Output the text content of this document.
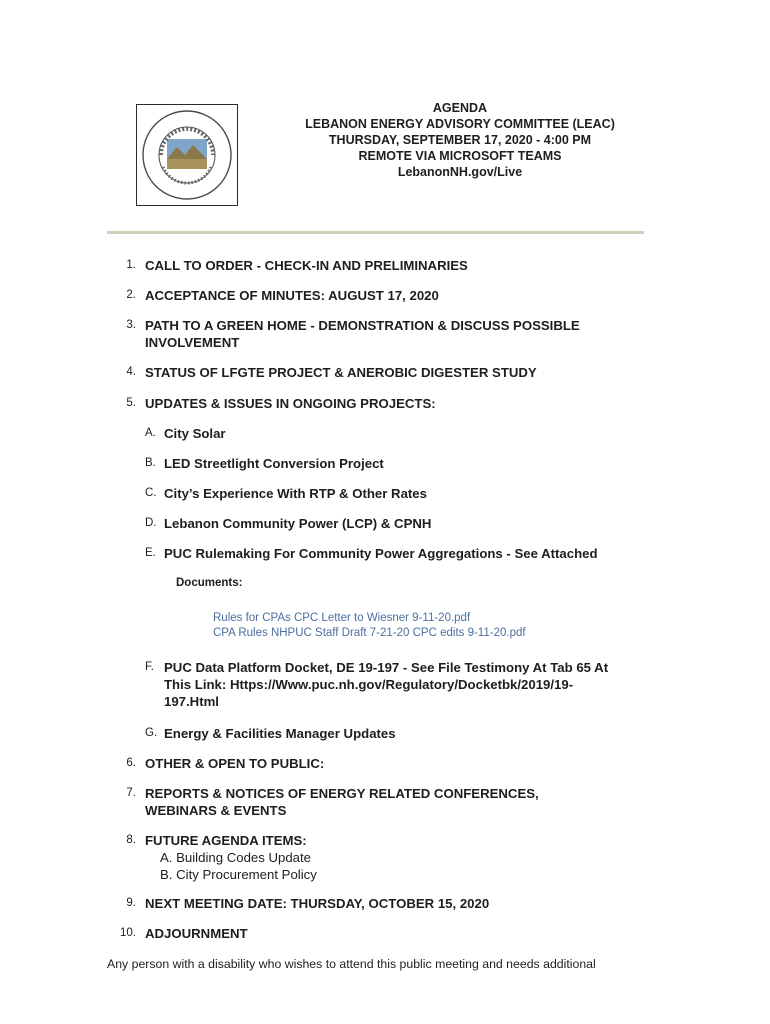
AGENDA
LEBANON ENERGY ADVISORY COMMITTEE (LEAC)
THURSDAY, SEPTEMBER 17, 2020 - 4:00 PM
REMOTE VIA MICROSOFT TEAMS
LebanonNH.gov/Live
1. CALL TO ORDER - CHECK-IN AND PRELIMINARIES
2. ACCEPTANCE OF MINUTES: AUGUST 17, 2020
3. PATH TO A GREEN HOME - DEMONSTRATION & DISCUSS POSSIBLE
INVOLVEMENT
4. STATUS OF LFGTE PROJECT & ANEROBIC DIGESTER STUDY
5. UPDATES & ISSUES IN ONGOING PROJECTS:
A. City Solar
B. LED Streetlight Conversion Project
C. City’s Experience With RTP & Other Rates
D. Lebanon Community Power (LCP) & CPNH
E. PUC Rulemaking For Community Power Aggregations - See Attached
Documents:
Rules for CPAs CPC Letter to Wiesner 9-11-20.pdf
CPA Rules NHPUC Staff Draft 7-21-20 CPC edits 9-11-20.pdf
F. PUC Data Platform Docket, DE 19-197 - See File Testimony At Tab 65 At
This Link: Https://Www.puc.nh.gov/Regulatory/Docketbk/2019/19-
197.Html
G. Energy & Facilities Manager Updates
6. OTHER & OPEN TO PUBLIC:
7. REPORTS & NOTICES OF ENERGY RELATED CONFERENCES,
WEBINARS & EVENTS
8. FUTURE AGENDA ITEMS:
A. Building Codes Update
B. City Procurement Policy
9. NEXT MEETING DATE: THURSDAY, OCTOBER 15, 2020
10. ADJOURNMENT
Any person with a disability who wishes to attend this public meeting and needs additional
